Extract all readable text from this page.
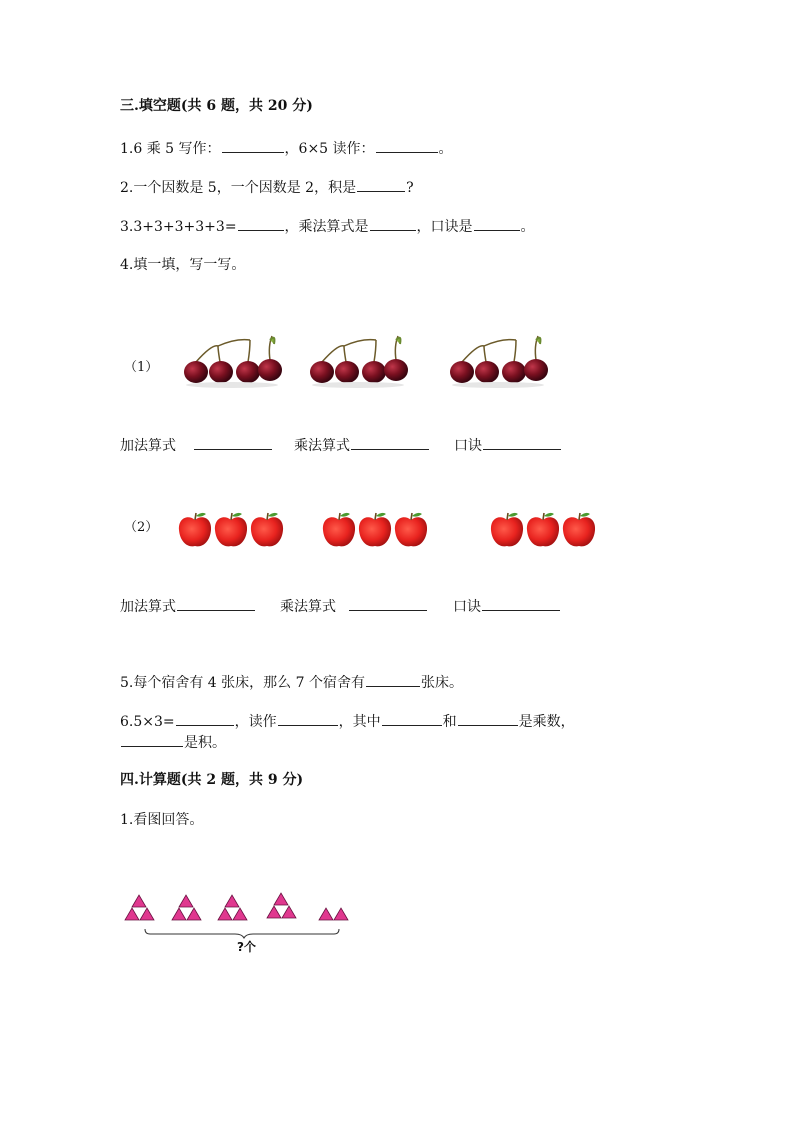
三.填空题(共 6 题，共 20 分)
1.6 乘 5 写作：	，6×5 读作：	。
2.一个因数是 5，一个因数是 2，积是	?
3.3+3+3+3+3=	，乘法算式是	，口诀是	。
4.填一填，写一写。
（1）
加法算式	乘法算式	口诀
（2）
加法算式	乘法算式	口诀
5.每个宿舍有 4 张床，那么 7 个宿舍有	张床。
6.5×3=	，读作	，其中	和	是乘数，
是积。
四.计算题(共 2 题，共 9 分)
1.看图回答。
?个
